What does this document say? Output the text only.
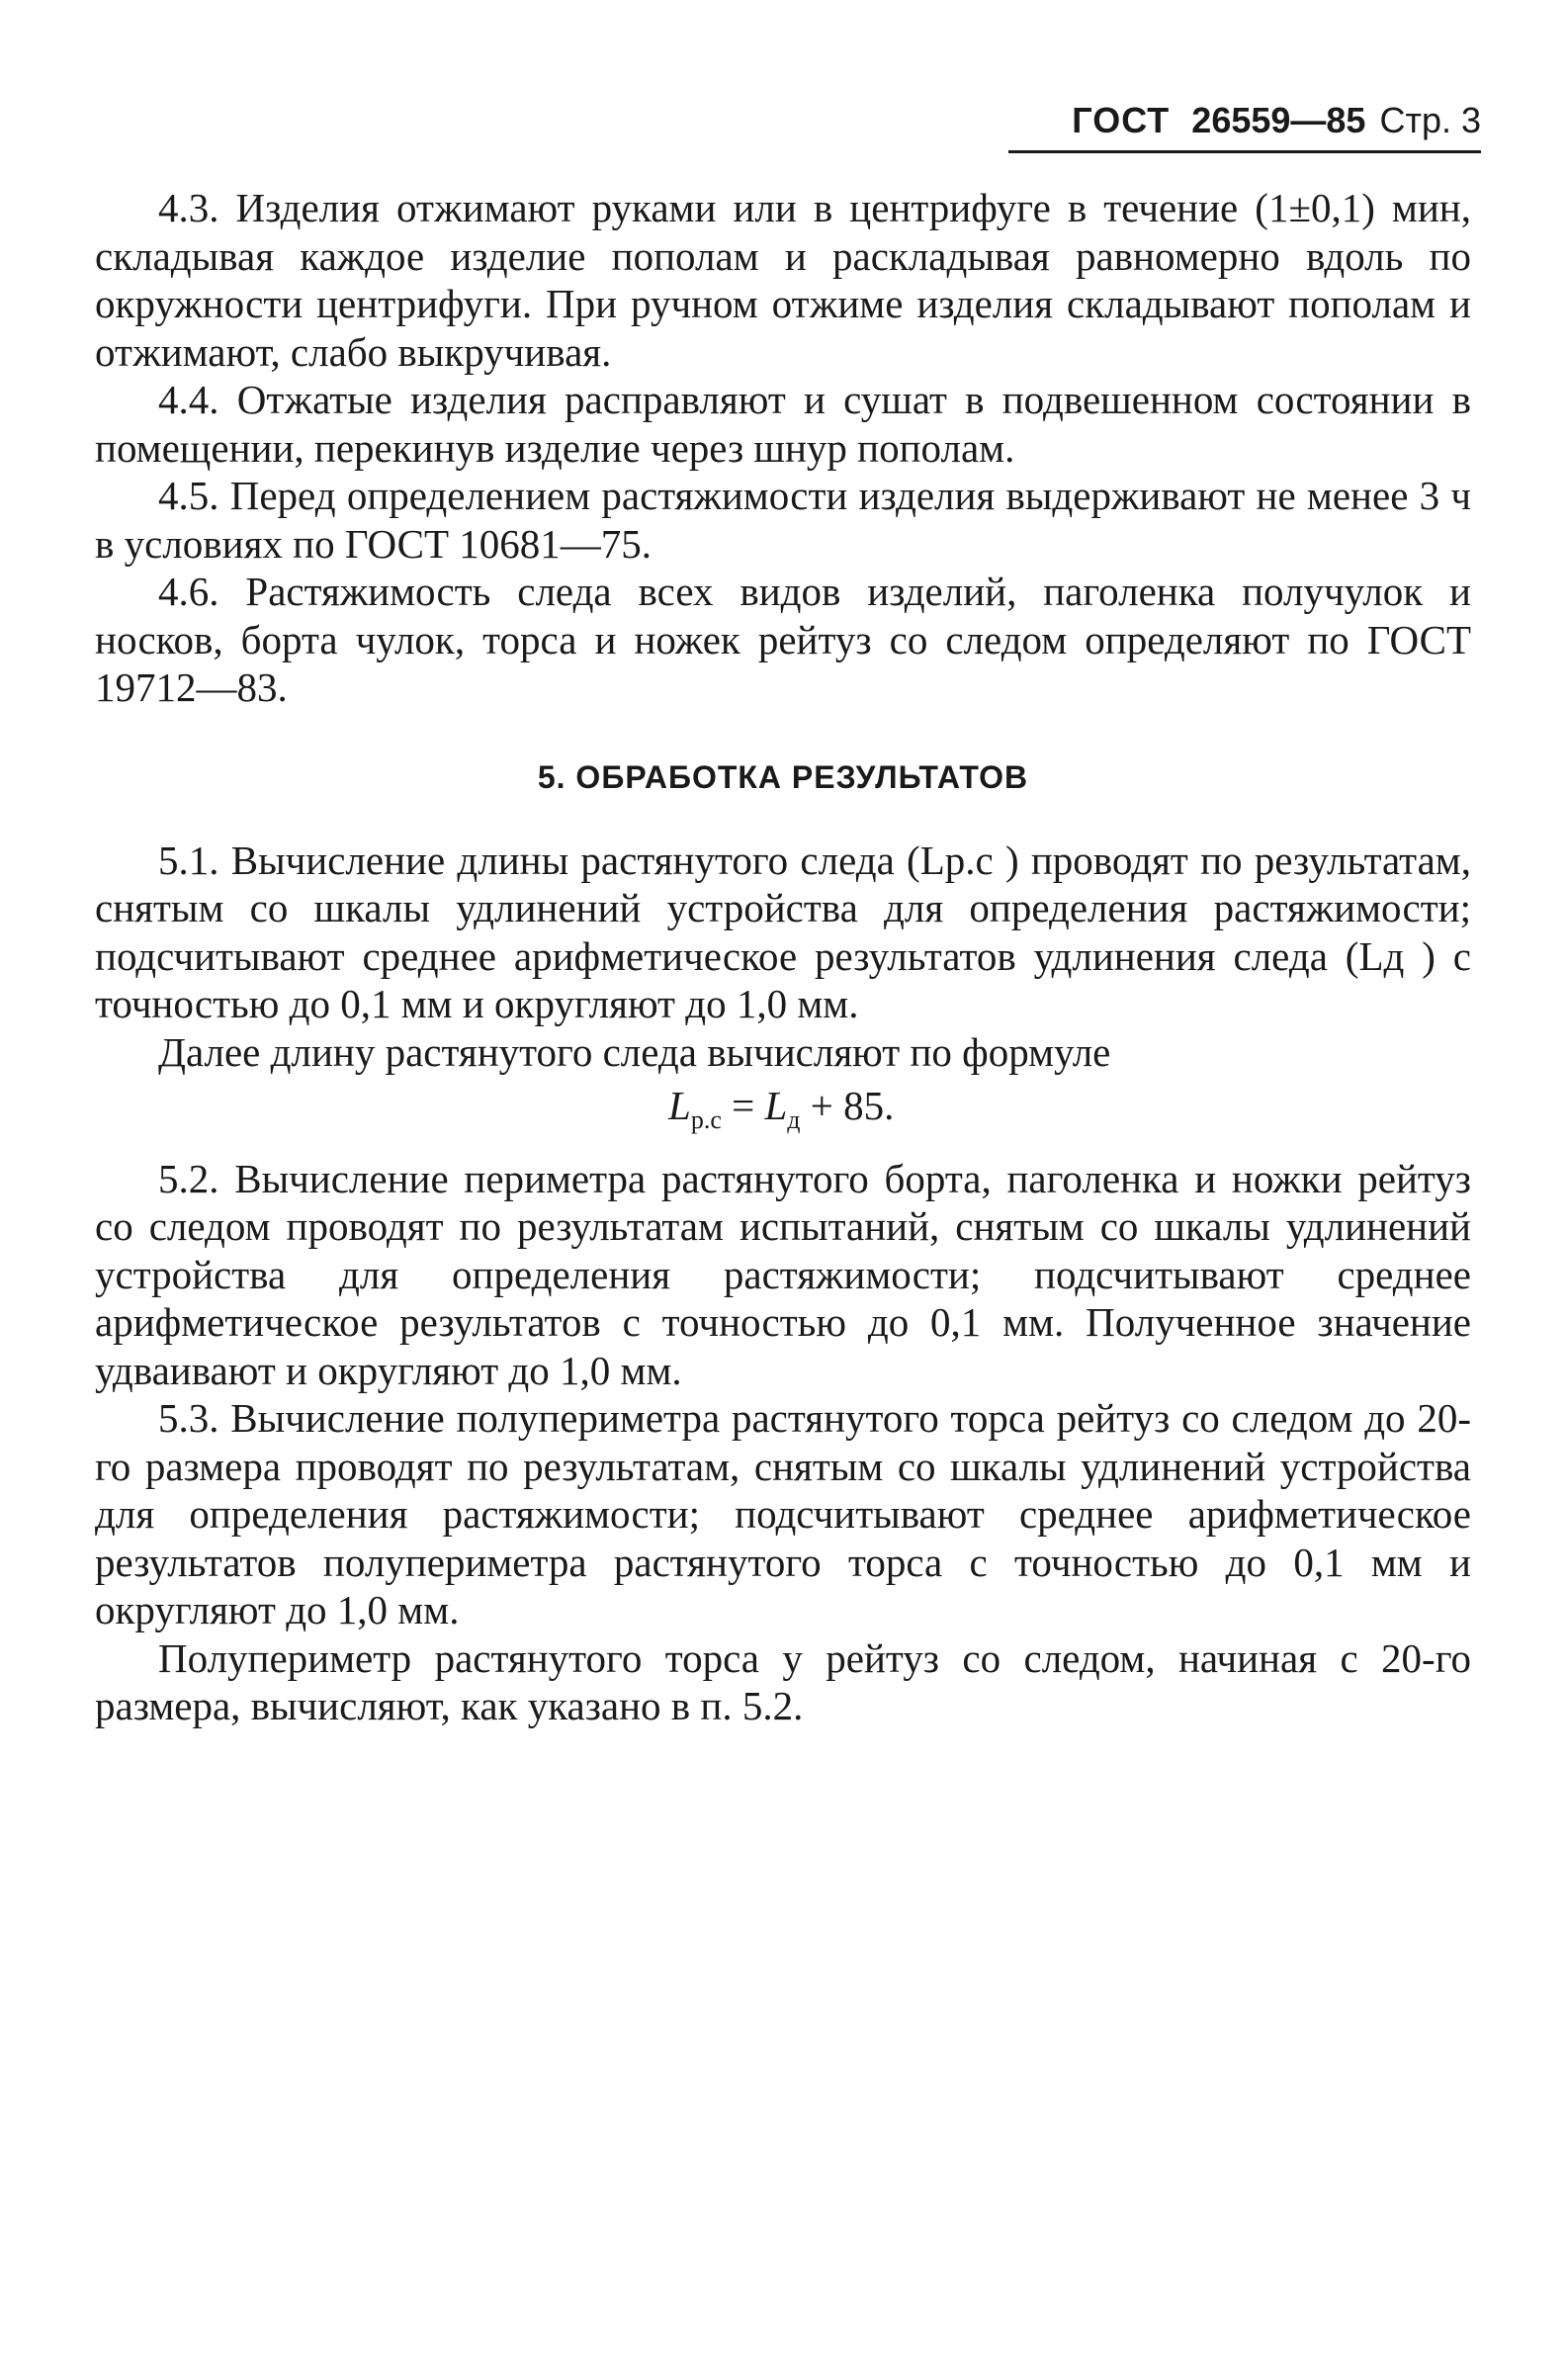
ГОСТ 26559—85 Стр. 3

4.3. Изделия отжимают руками или в центрифуге в течение (1±0,1) мин, складывая каждое изделие пополам и раскладывая равномерно вдоль по окружности центрифуги. При ручном отжиме изделия складывают пополам и отжимают, слабо выкручивая.

4.4. Отжатые изделия расправляют и сушат в подвешенном состоянии в помещении, перекинув изделие через шнур пополам.

4.5. Перед определением растяжимости изделия выдерживают не менее 3 ч в условиях по ГОСТ 10681—75.

4.6. Растяжимость следа всех видов изделий, паголенка получулок и носков, борта чулок, торса и ножек рейтуз со следом определяют по ГОСТ 19712—83.

5. ОБРАБОТКА РЕЗУЛЬТАТОВ

5.1. Вычисление длины растянутого следа (Lр.с ) проводят по результатам, снятым со шкалы удлинений устройства для определения растяжимости; подсчитывают среднее арифметическое результатов удлинения следа (Lд ) с точностью до 0,1 мм и округляют до 1,0 мм.

Далее длину растянутого следа вычисляют по формуле

$L_{р.с} = L_д + 85$.

5.2. Вычисление периметра растянутого борта, паголенка и ножки рейтуз со следом проводят по результатам испытаний, снятым со шкалы удлинений устройства для определения растяжимости; подсчитывают среднее арифметическое результатов с точностью до 0,1 мм. Полученное значение удваивают и округляют до 1,0 мм.

5.3. Вычисление полупериметра растянутого торса рейтуз со следом до 20-го размера проводят по результатам, снятым со шкалы удлинений устройства для определения растяжимости; подсчитывают среднее арифметическое результатов полупериметра растянутого торса с точностью до 0,1 мм и округляют до 1,0 мм.

Полупериметр растянутого торса у рейтуз со следом, начиная с 20-го размера, вычисляют, как указано в п. 5.2.
